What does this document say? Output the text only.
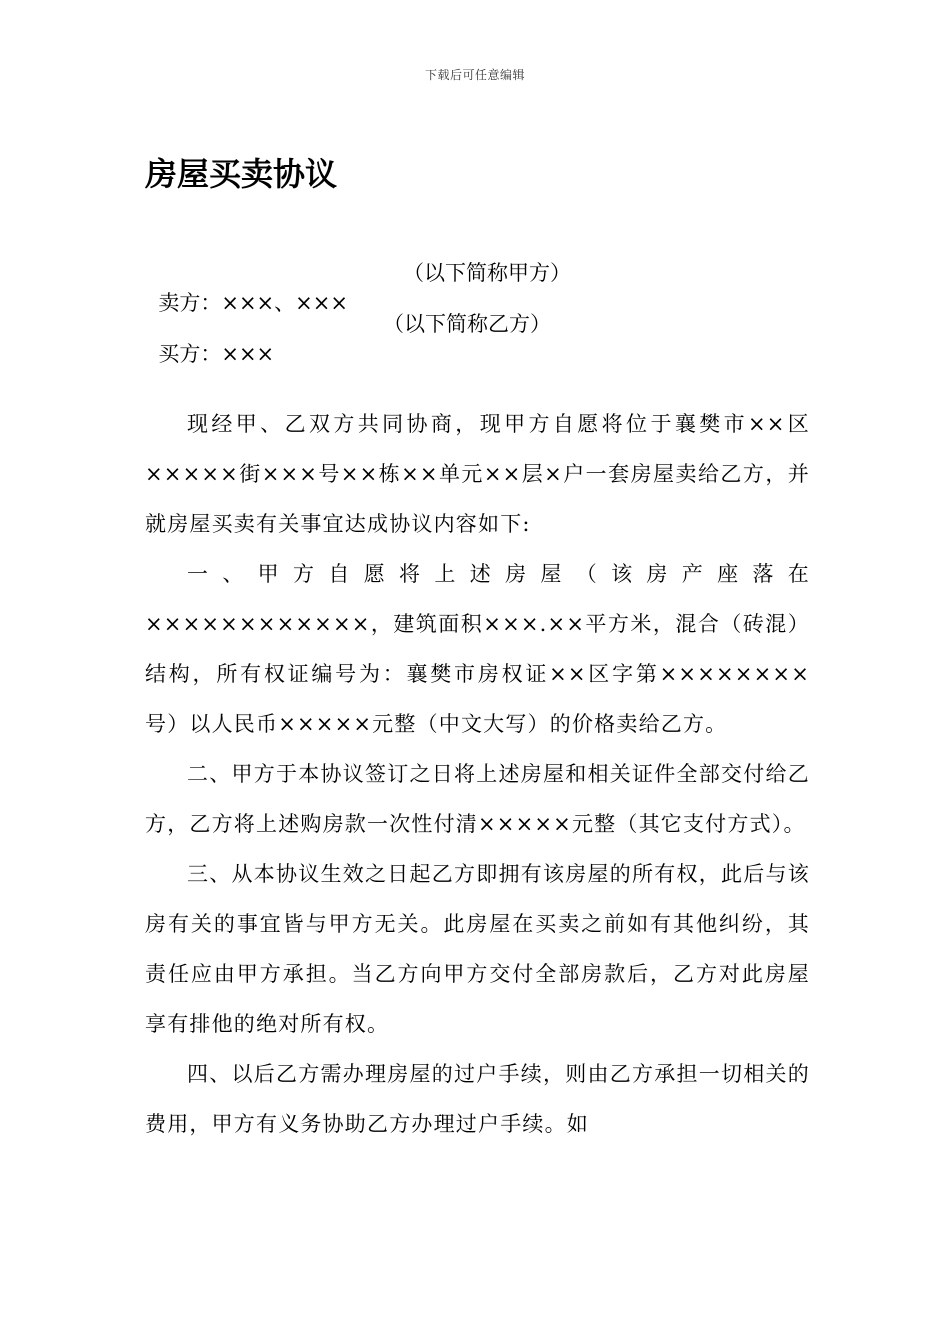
下载后可任意编辑
房屋买卖协议

卖方：×××、×××

（以下简称甲方）

买方：×××

（以下简称乙方）

现经甲、乙双方共同协商，现甲方自愿将位于襄樊市××区×××××街×××号××栋××单元××层×户一套房屋卖给乙方，并就房屋买卖有关事宜达成协议内容如下:

一、甲方自愿将上述房屋（该房产座落在××××××××××××，建筑面积×××.××平方米，混合（砖混）结构，所有权证编号为：襄樊市房权证××区字第××××××××号）以人民币×××××元整（中文大写）的价格卖给乙方。

二、甲方于本协议签订之日将上述房屋和相关证件全部交付给乙方，乙方将上述购房款一次性付清×××××元整（其它支付方式）。

三、从本协议生效之日起乙方即拥有该房屋的所有权，此后与该房有关的事宜皆与甲方无关。此房屋在买卖之前如有其他纠纷，其责任应由甲方承担。当乙方向甲方交付全部房款后，乙方对此房屋享有排他的绝对所有权。

四、以后乙方需办理房屋的过户手续，则由乙方承担一切相关的费用，甲方有义务协助乙方办理过户手续。如
